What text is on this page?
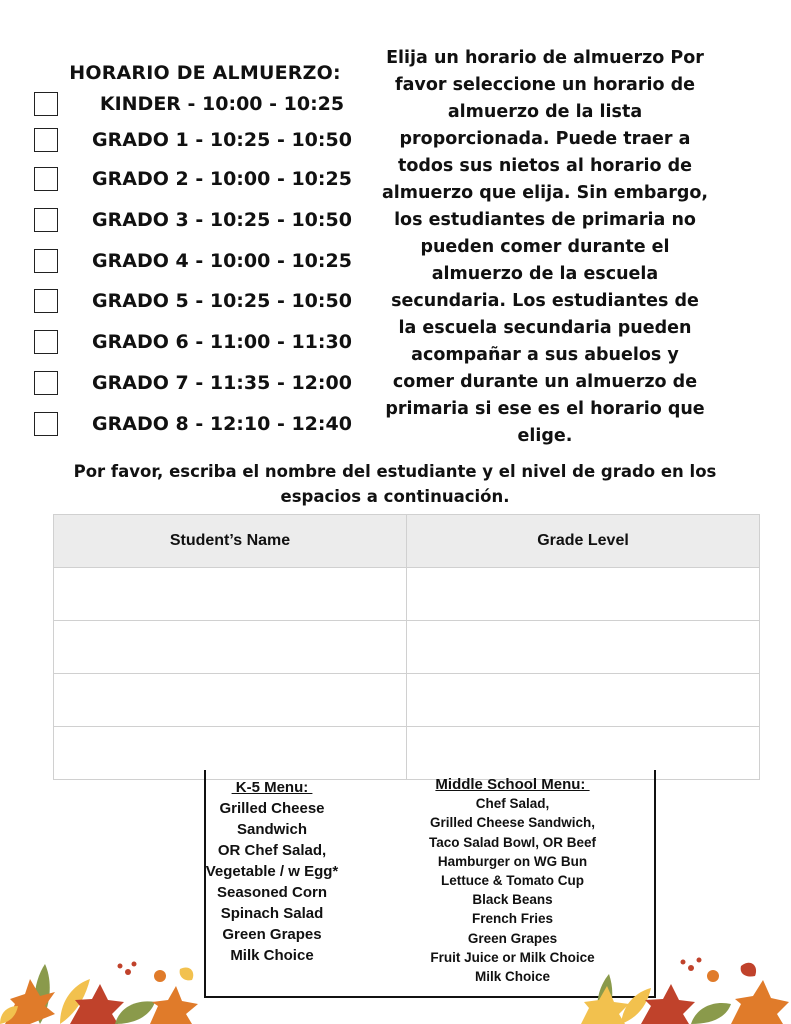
HORARIO DE ALMUERZO:
KINDER - 10:00 - 10:25
GRADO 1 - 10:25 - 10:50
GRADO 2 - 10:00 - 10:25
GRADO 3 - 10:25 - 10:50
GRADO 4 - 10:00 - 10:25
GRADO 5 - 10:25 - 10:50
GRADO 6 - 11:00 - 11:30
GRADO 7 - 11:35 - 12:00
GRADO 8 - 12:10 - 12:40
Elija un horario de almuerzo Por favor seleccione un horario de almuerzo de la lista proporcionada. Puede traer a todos sus nietos al horario de almuerzo que elija. Sin embargo, los estudiantes de primaria no pueden comer durante el almuerzo de la escuela secundaria. Los estudiantes de la escuela secundaria pueden acompañar a sus abuelos y comer durante un almuerzo de primaria si ese es el horario que elige.
Por favor, escriba el nombre del estudiante y el nivel de grado en los espacios a continuación.
Student’s Name	Grade Level

K-5 Menu:
Grilled Cheese
Sandwich
OR Chef Salad,
Vegetable / w Egg*
Seasoned Corn
Spinach Salad
Green Grapes
Milk Choice
Middle School Menu:
Chef Salad,
Grilled Cheese Sandwich,
Taco Salad Bowl, OR Beef
Hamburger on WG Bun
Lettuce & Tomato Cup
Black Beans
French Fries
Green Grapes
Fruit Juice or Milk Choice
Milk Choice
